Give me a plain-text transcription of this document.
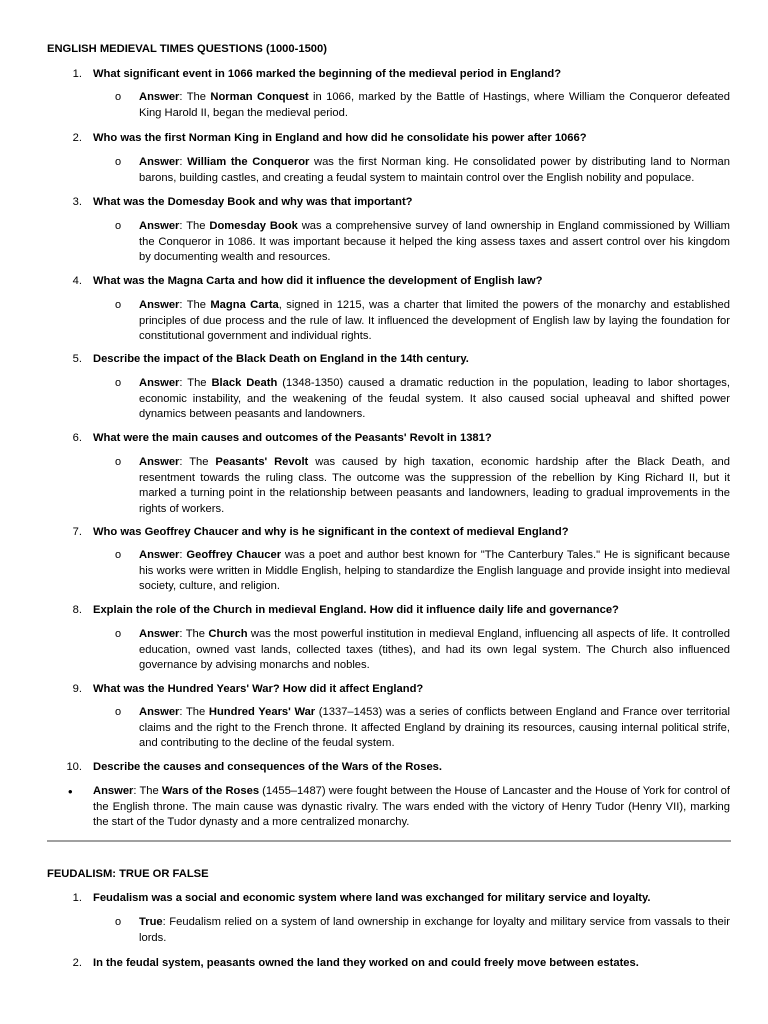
ENGLISH MEDIEVAL TIMES QUESTIONS (1000-1500)
1. What significant event in 1066 marked the beginning of the medieval period in England?
o Answer: The Norman Conquest in 1066, marked by the Battle of Hastings, where William the Conqueror defeated King Harold II, began the medieval period.
2. Who was the first Norman King in England and how did he consolidate his power after 1066?
o Answer: William the Conqueror was the first Norman king. He consolidated power by distributing land to Norman barons, building castles, and creating a feudal system to maintain control over the English nobility and populace.
3. What was the Domesday Book and why was that important?
o Answer: The Domesday Book was a comprehensive survey of land ownership in England commissioned by William the Conqueror in 1086. It was important because it helped the king assess taxes and assert control over his kingdom by documenting wealth and resources.
4. What was the Magna Carta and how did it influence the development of English law?
o Answer: The Magna Carta, signed in 1215, was a charter that limited the powers of the monarchy and established principles of due process and the rule of law. It influenced the development of English law by laying the foundation for constitutional government and individual rights.
5. Describe the impact of the Black Death on England in the 14th century.
o Answer: The Black Death (1348-1350) caused a dramatic reduction in the population, leading to labor shortages, economic instability, and the weakening of the feudal system. It also caused social upheaval and shifted power dynamics between peasants and landowners.
6. What were the main causes and outcomes of the Peasants' Revolt in 1381?
o Answer: The Peasants' Revolt was caused by high taxation, economic hardship after the Black Death, and resentment towards the ruling class. The outcome was the suppression of the rebellion by King Richard II, but it marked a turning point in the relationship between peasants and landowners, leading to gradual improvements in the rights of workers.
7. Who was Geoffrey Chaucer and why is he significant in the context of medieval England?
o Answer: Geoffrey Chaucer was a poet and author best known for "The Canterbury Tales." He is significant because his works were written in Middle English, helping to standardize the English language and provide insight into medieval society, culture, and religion.
8. Explain the role of the Church in medieval England. How did it influence daily life and governance?
o Answer: The Church was the most powerful institution in medieval England, influencing all aspects of life. It controlled education, owned vast lands, collected taxes (tithes), and had its own legal system. The Church also influenced governance by advising monarchs and nobles.
9. What was the Hundred Years' War? How did it affect England?
o Answer: The Hundred Years' War (1337–1453) was a series of conflicts between England and France over territorial claims and the right to the French throne. It affected England by draining its resources, causing internal political strife, and contributing to the decline of the feudal system.
10. Describe the causes and consequences of the Wars of the Roses.
• Answer: The Wars of the Roses (1455–1487) were fought between the House of Lancaster and the House of York for control of the English throne. The main cause was dynastic rivalry. The wars ended with the victory of Henry Tudor (Henry VII), marking the start of the Tudor dynasty and a more centralized monarchy.
FEUDALISM: TRUE OR FALSE
1. Feudalism was a social and economic system where land was exchanged for military service and loyalty.
o True: Feudalism relied on a system of land ownership in exchange for loyalty and military service from vassals to their lords.
2. In the feudal system, peasants owned the land they worked on and could freely move between estates.
